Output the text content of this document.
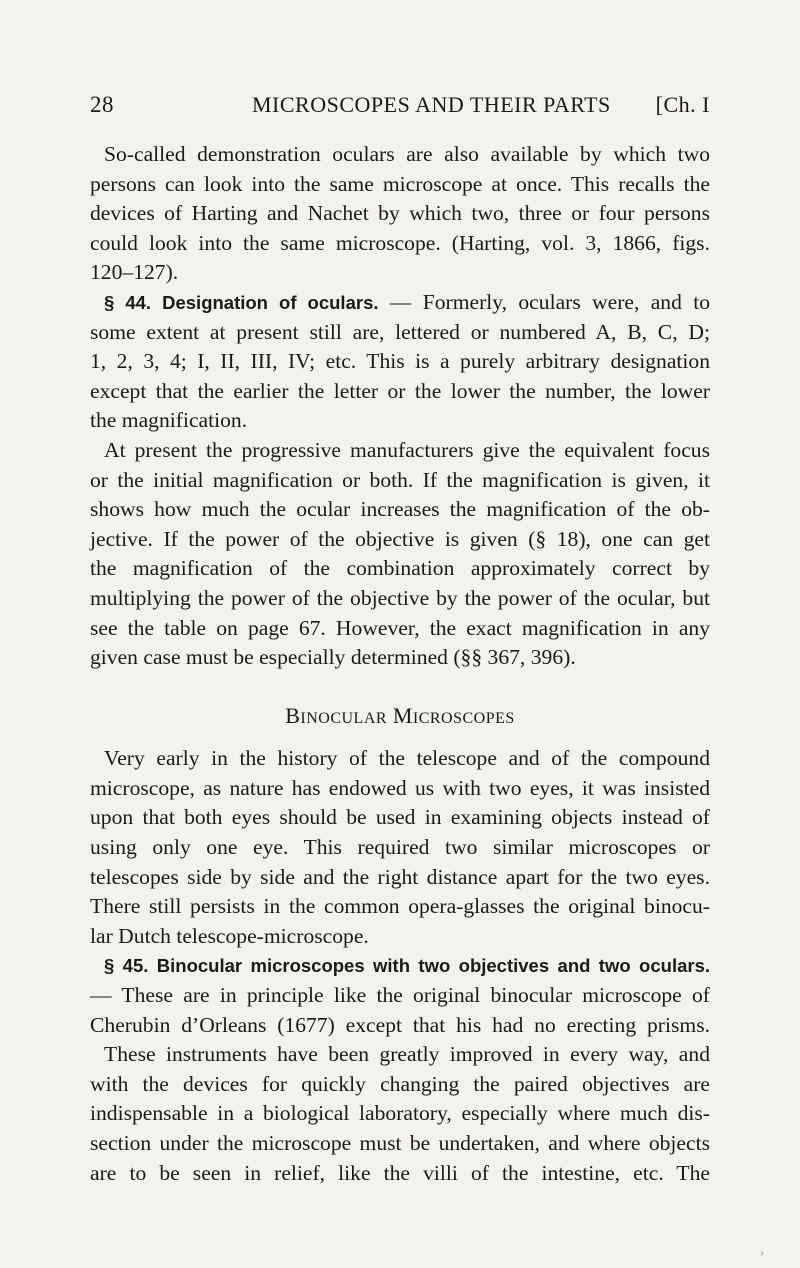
28	MICROSCOPES AND THEIR PARTS [Ch. I
So-called demonstration oculars are also available by which two
persons can look into the same microscope at once. This recalls the
devices of Harting and Nachet by which two, three or four persons
could look into the same microscope. (Harting, vol. 3, 1866, figs.
120–127).
§ 44. Designation of oculars. — Formerly, oculars were, and to
some extent at present still are, lettered or numbered A, B, C, D;
1, 2, 3, 4; I, II, III, IV; etc. This is a purely arbitrary designation
except that the earlier the letter or the lower the number, the lower
the magnification.
At present the progressive manufacturers give the equivalent focus
or the initial magnification or both. If the magnification is given, it
shows how much the ocular increases the magnification of the ob-
jective. If the power of the objective is given (§ 18), one can get
the magnification of the combination approximately correct by
multiplying the power of the objective by the power of the ocular, but
see the table on page 67. However, the exact magnification in any
given case must be especially determined (§§ 367, 396).
BINOCULAR MICROSCOPES
Very early in the history of the telescope and of the compound
microscope, as nature has endowed us with two eyes, it was insisted
upon that both eyes should be used in examining objects instead of
using only one eye. This required two similar microscopes or
telescopes side by side and the right distance apart for the two eyes.
There still persists in the common opera-glasses the original binocu-
lar Dutch telescope-microscope.
§ 45. Binocular microscopes with two objectives and two oculars.
— These are in principle like the original binocular microscope of
Cherubin d’Orleans (1677) except that his had no erecting prisms.
These instruments have been greatly improved in every way, and
with the devices for quickly changing the paired objectives are
indispensable in a biological laboratory, especially where much dis-
section under the microscope must be undertaken, and where objects
are to be seen in relief, like the villi of the intestine, etc. The
›
